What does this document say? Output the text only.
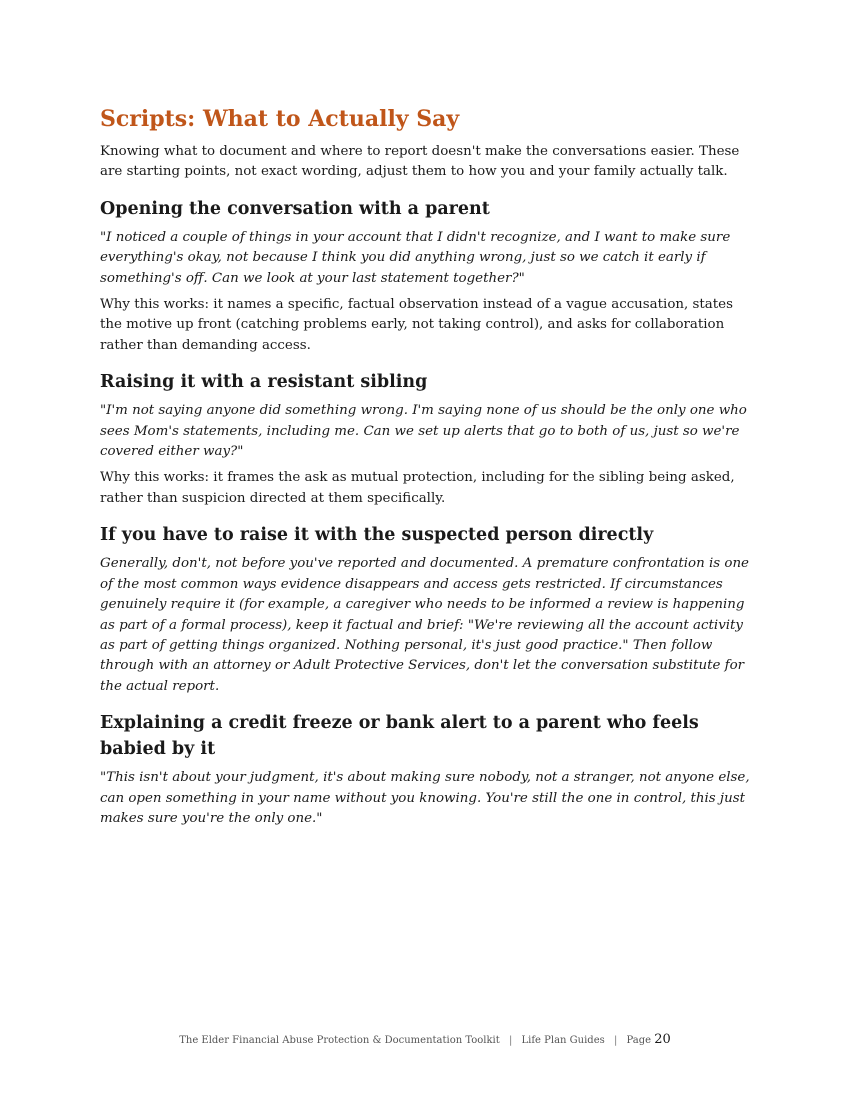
Scripts: What to Actually Say

Knowing what to document and where to report doesn't make the conversations easier. These are starting points, not exact wording, adjust them to how you and your family actually talk.

Opening the conversation with a parent

"I noticed a couple of things in your account that I didn't recognize, and I want to make sure everything's okay, not because I think you did anything wrong, just so we catch it early if something's off. Can we look at your last statement together?"

Why this works: it names a specific, factual observation instead of a vague accusation, states the motive up front (catching problems early, not taking control), and asks for collaboration rather than demanding access.

Raising it with a resistant sibling

"I'm not saying anyone did something wrong. I'm saying none of us should be the only one who sees Mom's statements, including me. Can we set up alerts that go to both of us, just so we're covered either way?"

Why this works: it frames the ask as mutual protection, including for the sibling being asked, rather than suspicion directed at them specifically.

If you have to raise it with the suspected person directly

Generally, don't, not before you've reported and documented. A premature confrontation is one of the most common ways evidence disappears and access gets restricted. If circumstances genuinely require it (for example, a caregiver who needs to be informed a review is happening as part of a formal process), keep it factual and brief: "We're reviewing all the account activity as part of getting things organized. Nothing personal, it's just good practice." Then follow through with an attorney or Adult Protective Services, don't let the conversation substitute for the actual report.

Explaining a credit freeze or bank alert to a parent who feels babied by it

"This isn't about your judgment, it's about making sure nobody, not a stranger, not anyone else, can open something in your name without you knowing. You're still the one in control, this just makes sure you're the only one."

The Elder Financial Abuse Protection & Documentation Toolkit | Life Plan Guides | Page 20
